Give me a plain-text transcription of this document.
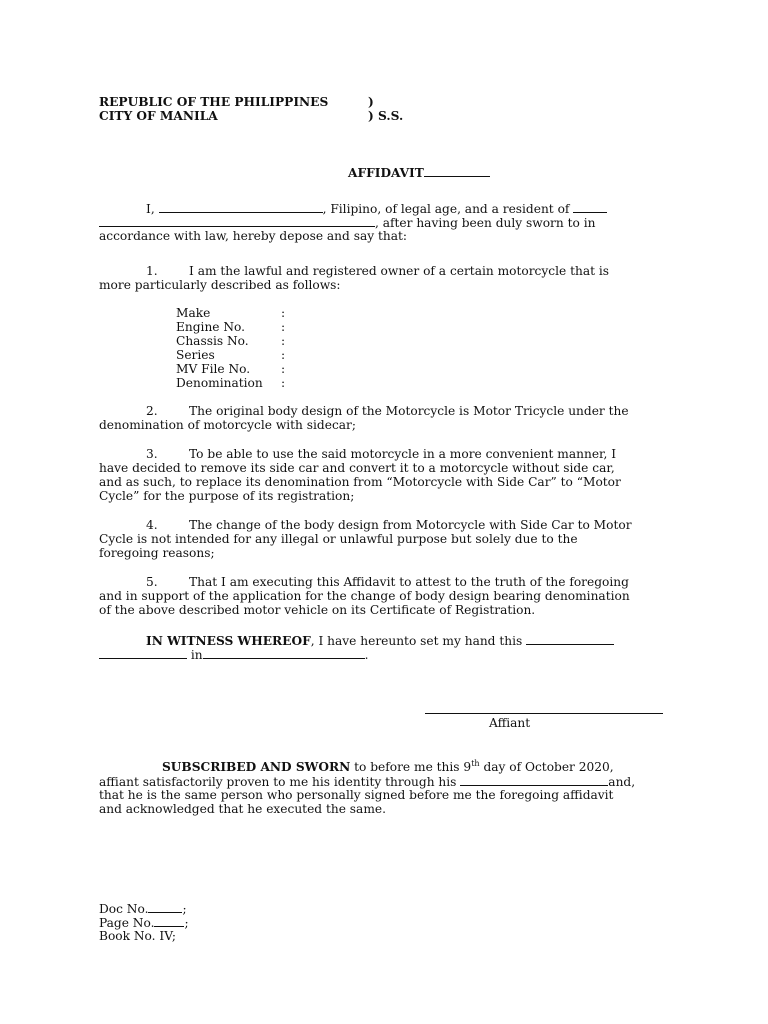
REPUBLIC OF THE PHILIPPINES	)
CITY OF MANILA	) S.S.
AFFIDAVIT
I,	, Filipino, of legal age, and a resident of
, after having been duly sworn to in
accordance with law, hereby depose and say that:
1.	I am the lawful and registered owner of a certain motorcycle that is
more particularly described as follows:
Make	:
Engine No.	:
Chassis No.	:
Series	:
MV File No.	:
Denomination :
2.	The original body design of the Motorcycle is Motor Tricycle under the
denomination of motorcycle with sidecar;
3.	To be able to use the said motorcycle in a more convenient manner, I
have decided to remove its side car and convert it to a motorcycle without side car,
and as such, to replace its denomination from “Motorcycle with Side Car” to “Motor
Cycle” for the purpose of its registration;
4.	The change of the body design from Motorcycle with Side Car to Motor
Cycle is not intended for any illegal or unlawful purpose but solely due to the
foregoing reasons;
5.	That I am executing this Affidavit to attest to the truth of the foregoing
and in support of the application for the change of body design bearing denomination
of the above described motor vehicle on its Certificate of Registration.
IN WITNESS WHEREOF, I have hereunto set my hand this
in	.
Affiant
SUBSCRIBED AND SWORN to before me this 9th day of October 2020,
affiant satisfactorily proven to me his identity through his	and,
that he is the same person who personally signed before me the foregoing affidavit
and acknowledged that he executed the same.
Doc No.	;
Page No. ;
Book No. IV;
